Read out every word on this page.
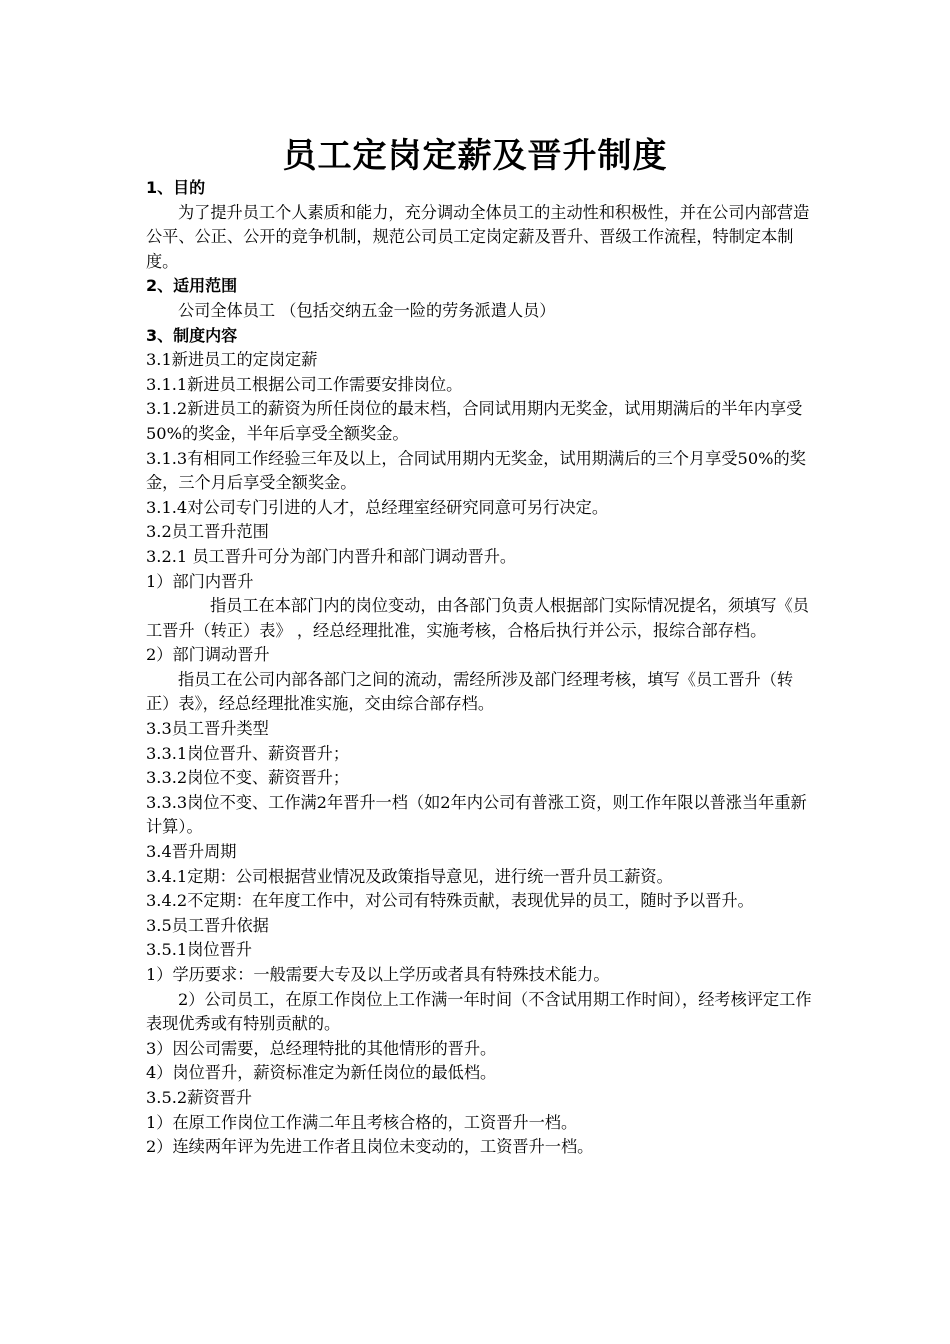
员工定岗定薪及晋升制度

1、目的

为了提升员工个人素质和能力，充分调动全体员工的主动性和积极性，并在公司内部营造公平、公正、公开的竞争机制，规范公司员工定岗定薪及晋升、晋级工作流程，特制定本制度。

2、适用范围

公司全体员工 （包括交纳五金一险的劳务派遣人员）

3、制度内容

3.1新进员工的定岗定薪

3.1.1新进员工根据公司工作需要安排岗位。

3.1.2新进员工的薪资为所任岗位的最末档，合同试用期内无奖金，试用期满后的半年内享受50%的奖金，半年后享受全额奖金。

3.1.3有相同工作经验三年及以上，合同试用期内无奖金，试用期满后的三个月享受50%的奖金，三个月后享受全额奖金。

3.1.4对公司专门引进的人才，总经理室经研究同意可另行决定。

3.2员工晋升范围

3.2.1 员工晋升可分为部门内晋升和部门调动晋升。

1）部门内晋升

指员工在本部门内的岗位变动，由各部门负责人根据部门实际情况提名，须填写《员工晋升（转正）表》 ，经总经理批准，实施考核，合格后执行并公示，报综合部存档。

2）部门调动晋升

指员工在公司内部各部门之间的流动，需经所涉及部门经理考核，填写《员工晋升（转正）表》，经总经理批准实施，交由综合部存档。

3.3员工晋升类型

3.3.1岗位晋升、薪资晋升；

3.3.2岗位不变、薪资晋升；

3.3.3岗位不变、工作满2年晋升一档（如2年内公司有普涨工资，则工作年限以普涨当年重新计算）。

3.4晋升周期

3.4.1定期：公司根据营业情况及政策指导意见，进行统一晋升员工薪资。

3.4.2不定期：在年度工作中，对公司有特殊贡献，表现优异的员工，随时予以晋升。

3.5员工晋升依据

3.5.1岗位晋升

1）学历要求：一般需要大专及以上学历或者具有特殊技术能力。

2）公司员工，在原工作岗位上工作满一年时间（不含试用期工作时间），经考核评定工作表现优秀或有特别贡献的。

3）因公司需要，总经理特批的其他情形的晋升。

4）岗位晋升，薪资标准定为新任岗位的最低档。

3.5.2薪资晋升

1）在原工作岗位工作满二年且考核合格的，工资晋升一档。

2）连续两年评为先进工作者且岗位未变动的，工资晋升一档。
